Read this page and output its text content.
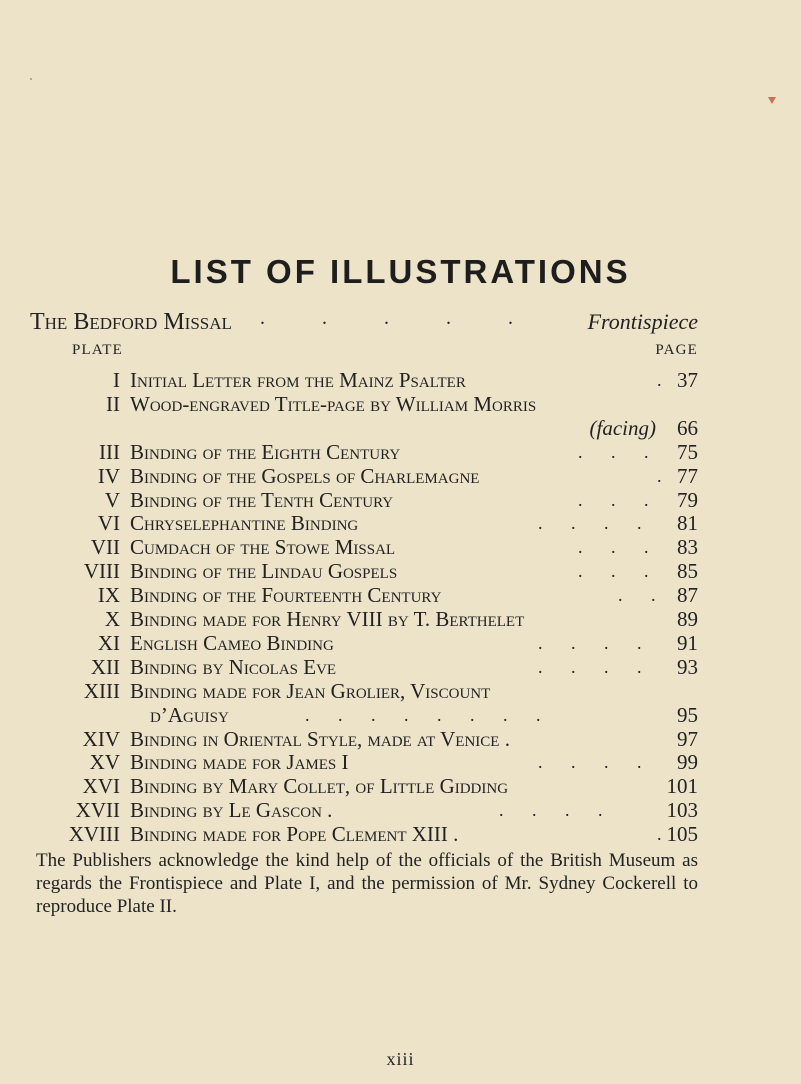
LIST OF ILLUSTRATIONS
The Bedford Missal . . . . . Frontispiece
PLATE	PAGE
I Initial Letter from the Mainz Psalter	. 37
II Wood-engraved Title-page by William Morris
(facing) 66
III Binding of the Eighth Century	. . . 75
IV Binding of the Gospels of Charlemagne	. 77
V Binding of the Tenth Century	. . . 79
VI Chryselephantine Binding	. . . . 81
VII Cumdach of the Stowe Missal	. . . 83
VIII Binding of the Lindau Gospels	. . . 85
IX Binding of the Fourteenth Century	. . 87
X Binding made for Henry VIII by T. Berthelet	89
XI English Cameo Binding	. . . . 91
XII Binding by Nicolas Eve	. . . . 93
XIII Binding made for Jean Grolier, Viscount
d’Aguisy	. . . . . . . .	95
XIV Binding in Oriental Style, made at Venice .	97
XV Binding made for James I	. . . . 99
XVI Binding by Mary Collet, of Little Gidding	101
XVII Binding by Le Gascon .	. . . .	103
XVIII Binding made for Pope Clement XIII .	. 105
The Publishers acknowledge the kind help of the officials of the British Museum as regards the Frontispiece and Plate I, and the permission of Mr. Sydney Cockerell to reproduce Plate II.
xiii
